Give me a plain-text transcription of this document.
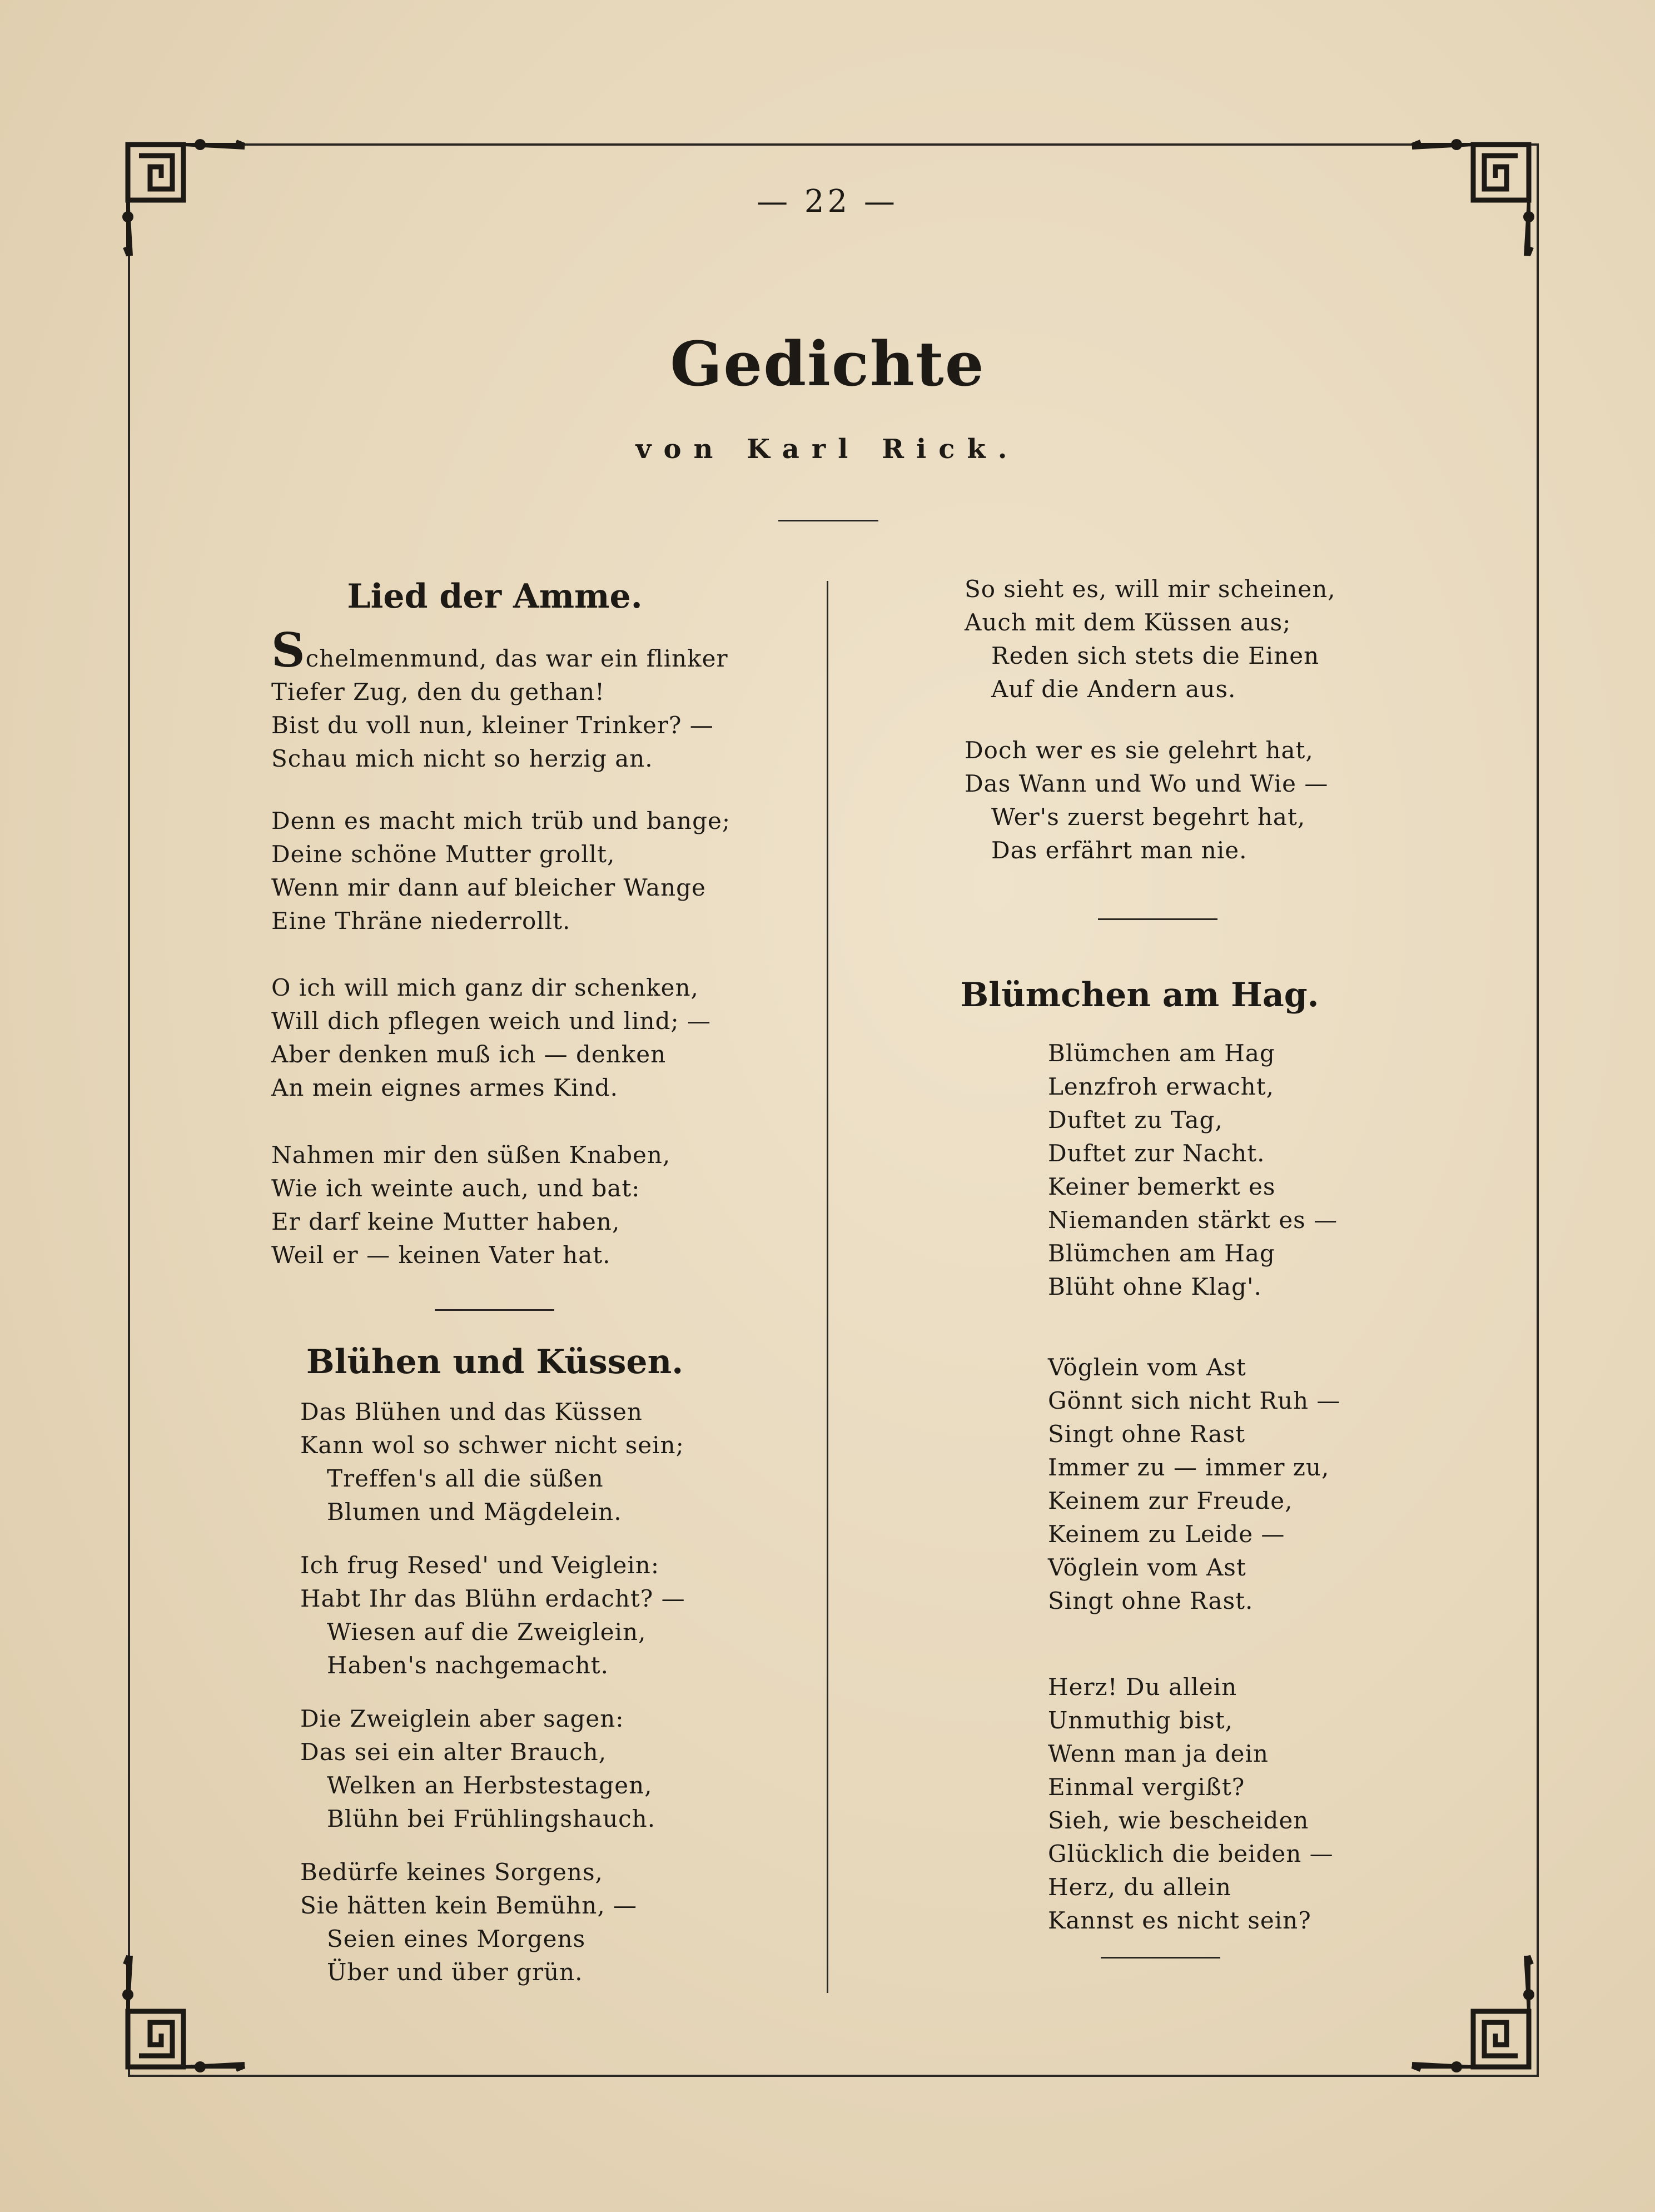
— 22 —
Gedichte
von Karl Rick.
Lied der Amme.
Schelmenmund, das war ein flinker
Tiefer Zug, den du gethan!
Bist du voll nun, kleiner Trinker? —
Schau mich nicht so herzig an.
Denn es macht mich trüb und bange;
Deine schöne Mutter grollt,
Wenn mir dann auf bleicher Wange
Eine Thräne niederrollt.
O ich will mich ganz dir schenken,
Will dich pflegen weich und lind; —
Aber denken muß ich — denken
An mein eignes armes Kind.
Nahmen mir den süßen Knaben,
Wie ich weinte auch, und bat:
Er darf keine Mutter haben,
Weil er — keinen Vater hat.
Blühen und Küssen.
Das Blühen und das Küssen
Kann wol so schwer nicht sein;
Treffen's all die süßen
Blumen und Mägdelein.
Ich frug Resed' und Veiglein:
Habt Ihr das Blühn erdacht? —
Wiesen auf die Zweiglein,
Haben's nachgemacht.
Die Zweiglein aber sagen:
Das sei ein alter Brauch,
Welken an Herbstestagen,
Blühn bei Frühlingshauch.
Bedürfe keines Sorgens,
Sie hätten kein Bemühn, —
Seien eines Morgens
Über und über grün.
So sieht es, will mir scheinen,
Auch mit dem Küssen aus;
Reden sich stets die Einen
Auf die Andern aus.
Doch wer es sie gelehrt hat,
Das Wann und Wo und Wie —
Wer's zuerst begehrt hat,
Das erfährt man nie.
Blümchen am Hag.
Blümchen am Hag
Lenzfroh erwacht,
Duftet zu Tag,
Duftet zur Nacht.
Keiner bemerkt es
Niemanden stärkt es —
Blümchen am Hag
Blüht ohne Klag'.
Vöglein vom Ast
Gönnt sich nicht Ruh —
Singt ohne Rast
Immer zu — immer zu,
Keinem zur Freude,
Keinem zu Leide —
Vöglein vom Ast
Singt ohne Rast.
Herz! Du allein
Unmuthig bist,
Wenn man ja dein
Einmal vergißt?
Sieh, wie bescheiden
Glücklich die beiden —
Herz, du allein
Kannst es nicht sein?
